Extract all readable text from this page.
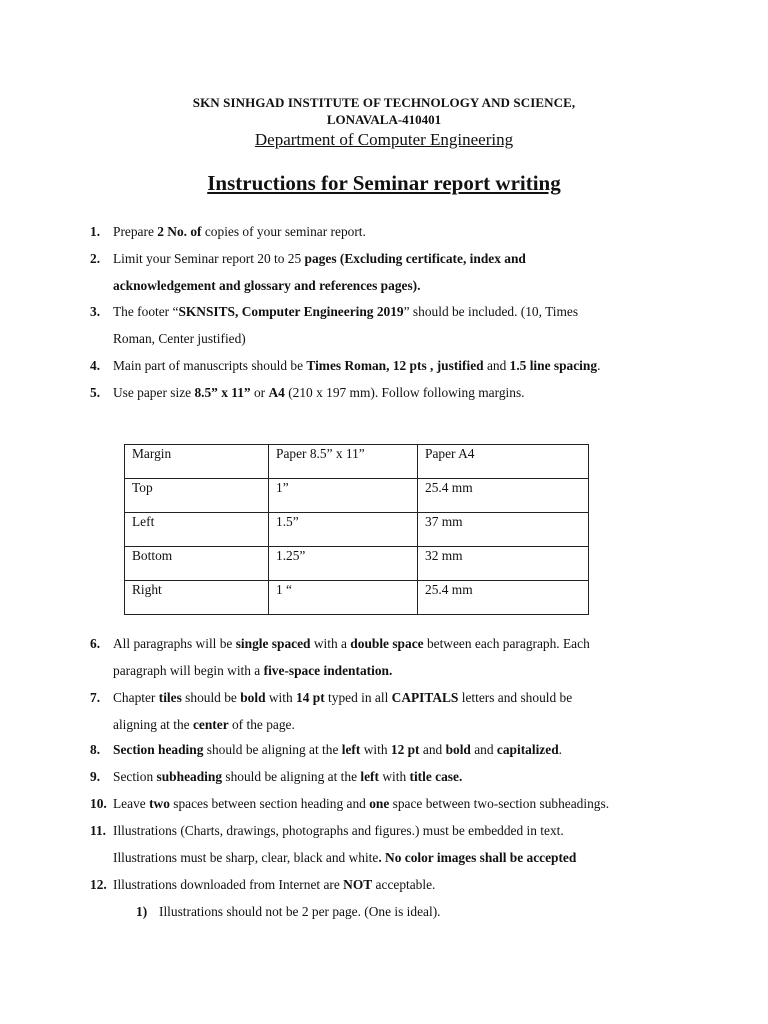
SKN SINHGAD INSTITUTE OF TECHNOLOGY AND SCIENCE,
LONAVALA-410401
Department of Computer Engineering
Instructions for Seminar report writing
1. Prepare 2 No. of copies of your seminar report.
2. Limit your Seminar report 20 to 25 pages (Excluding certificate, index and
acknowledgement and glossary and references pages).
3. The footer “SKNSITS, Computer Engineering 2019” should be included. (10, Times
Roman, Center justified)
4. Main part of manuscripts should be Times Roman, 12 pts , justified and 1.5 line spacing.
5. Use paper size 8.5” x 11” or A4 (210 x 197 mm). Follow following margins.
6. All paragraphs will be single spaced with a double space between each paragraph. Each
paragraph will begin with a five-space indentation.
7. Chapter tiles should be bold with 14 pt typed in all CAPITALS letters and should be
aligning at the center of the page.
8. Section heading should be aligning at the left with 12 pt and bold and capitalized.
9. Section subheading should be aligning at the left with title case.
10. Leave two spaces between section heading and one space between two-section subheadings.
11. Illustrations (Charts, drawings, photographs and figures.) must be embedded in text.
Illustrations must be sharp, clear, black and white. No color images shall be accepted
12. Illustrations downloaded from Internet are NOT acceptable.
Margin	Paper 8.5” x 11”	Paper A4
Top	1”	25.4 mm
Left	1.5”	37 mm
Bottom	1.25”	32 mm
Right	1 “	25.4 mm
1) Illustrations should not be 2 per page. (One is ideal).
